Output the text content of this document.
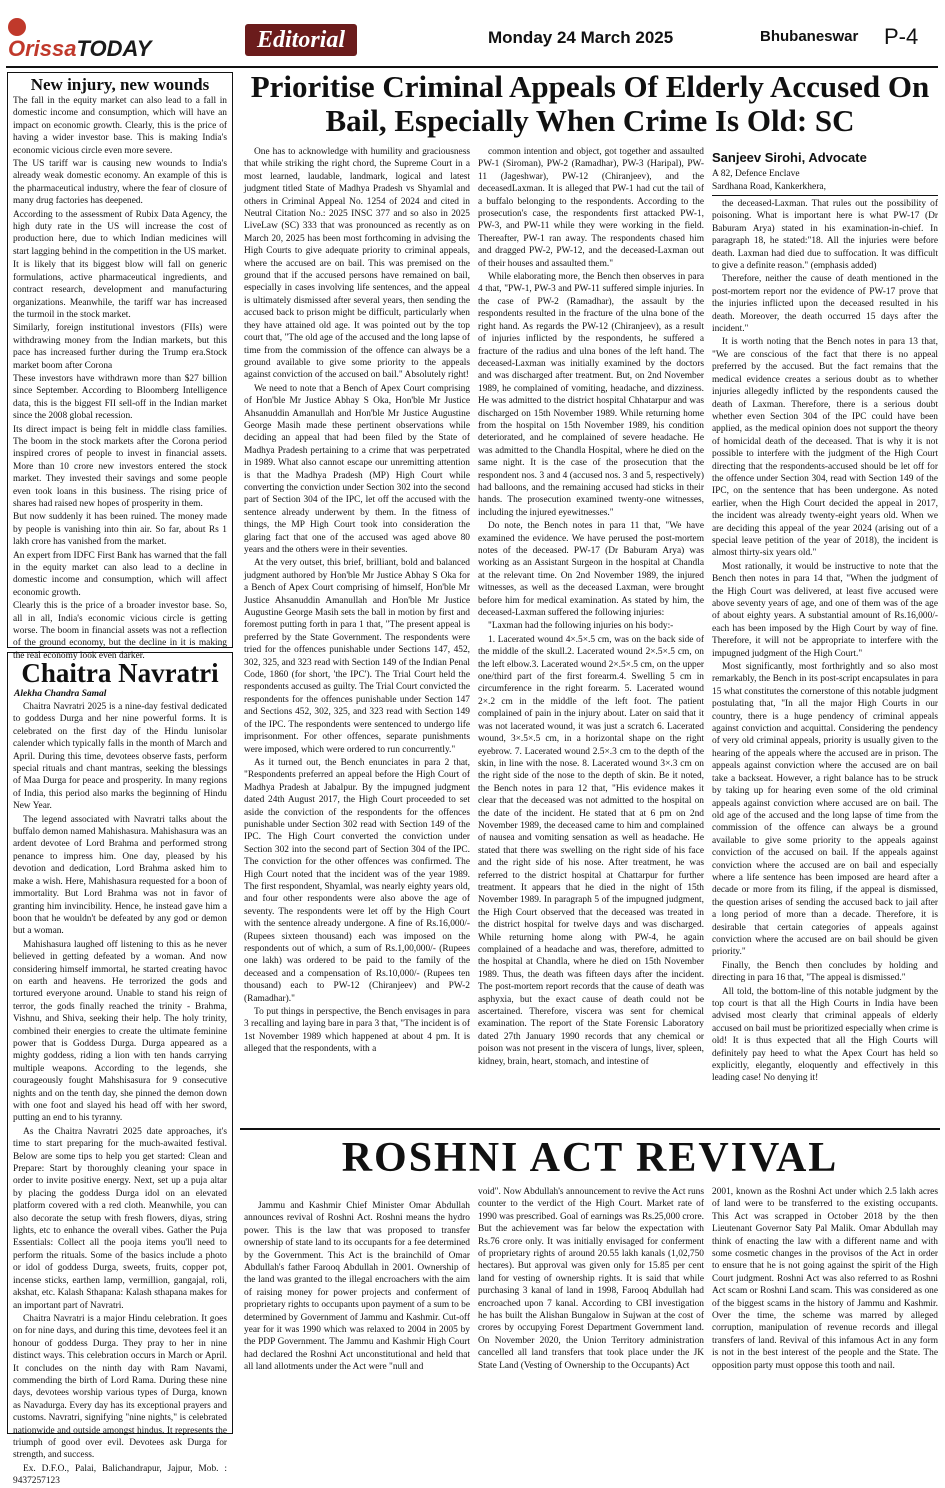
OrissaTODAY	Editorial	Monday 24 March 2025	Bhubaneswar P-4
New injury, new wounds

The fall in the equity market can also lead to a fall in domestic income and consumption, which will have an impact on economic growth. Clearly, this is the price of having a wider investor base. This is making India's economic vicious circle even more severe.

The US tariff war is causing new wounds to India's already weak domestic economy. An example of this is the pharmaceutical industry, where the fear of closure of many drug factories has deepened.

According to the assessment of Rubix Data Agency, the high duty rate in the US will increase the cost of production here, due to which Indian medicines will start lagging behind in the competition in the US market.

It is likely that its biggest blow will fall on generic formulations, active pharmaceutical ingredients, and contract research, development and manufacturing organizations. Meanwhile, the tariff war has increased the turmoil in the stock market.

Similarly, foreign institutional investors (FIIs) were withdrawing money from the Indian markets, but this pace has increased further during the Trump era.Stock market boom after Corona

These investors have withdrawn more than $27 billion since September. According to Bloomberg Intelligence data, this is the biggest FII sell-off in the Indian market since the 2008 global recession.

Its direct impact is being felt in middle class families. The boom in the stock markets after the Corona period inspired crores of people to invest in financial assets. More than 10 crore new investors entered the stock market. They invested their savings and some people even took loans in this business. The rising price of shares had raised new hopes of prosperity in them.

But now suddenly it has been ruined. The money made by people is vanishing into thin air. So far, about Rs 1 lakh crore has vanished from the market.

An expert from IDFC First Bank has warned that the fall in the equity market can also lead to a decline in domestic income and consumption, which will affect economic growth.

Clearly this is the price of a broader investor base. So, all in all, India's economic vicious circle is getting worse. The boom in financial assets was not a reflection of the ground economy, but the decline in it is making the real economy look even darker.

Chaitra Navratri
Alekha Chandra Samal

Chaitra Navratri 2025 is a nine-day festival dedicated to goddess Durga and her nine powerful forms. It is celebrated on the first day of the Hindu lunisolar calender which typically falls in the month of March and April. During this time, devotees observe fasts, perform special rituals and chant mantras, seeking the blessings of Maa Durga for peace and prosperity. In many regions of India, this period also marks the beginning of Hindu New Year.

The legend associated with Navratri talks about the buffalo demon named Mahishasura. Mahishasura was an ardent devotee of Lord Brahma and performed strong penance to impress him. One day, pleased by his devotion and dedication, Lord Brahma asked him to make a wish. Here, Mahishasura requested for a boon of immortality. But Lord Brahma was not in favor of granting him invincibility. Hence, he instead gave him a boon that he wouldn't be defeated by any god or demon but a woman.

Mahishasura laughed off listening to this as he never believed in getting defeated by a woman. And now considering himself immortal, he started creating havoc on earth and heavens. He terrorized the gods and tortured everyone around. Unable to stand his reign of terror, the gods finally reached the trinity - Brahma, Vishnu, and Shiva, seeking their help. The holy trinity, combined their energies to create the ultimate feminine power that is Goddess Durga. Durga appeared as a mighty goddess, riding a lion with ten hands carrying multiple weapons. According to the legends, she courageously fought Mahshisasura for 9 consecutive nights and on the tenth day, she pinned the demon down with one foot and slayed his head off with her sword, putting an end to his tyranny.

As the Chaitra Navratri 2025 date approaches, it's time to start preparing for the much-awaited festival. Below are some tips to help you get started: Clean and Prepare: Start by thoroughly cleaning your space in order to invite positive energy. Next, set up a puja altar by placing the goddess Durga idol on an elevated platform covered with a red cloth. Meanwhile, you can also decorate the setup with fresh flowers, diyas, string lights, etc to enhance the overall vibes. Gather the Puja Essentials: Collect all the pooja items you'll need to perform the rituals. Some of the basics include a photo or idol of goddess Durga, sweets, fruits, copper pot, incense sticks, earthen lamp, vermillion, gangajal, roli, akshat, etc. Kalash Sthapana: Kalash sthapana makes for an important part of Navratri.

Chaitra Navratri is a major Hindu celebration. It goes on for nine days, and during this time, devotees feel it an honour of goddess Durga. They pray to her in nine distinct ways. This celebration occurs in March or April. It concludes on the ninth day with Ram Navami, commending the birth of Lord Rama. During these nine days, devotees worship various types of Durga, known as Navadurga. Every day has its exceptional prayers and customs. Navratri, signifying "nine nights," is celebrated nationwide and outside amongst hindus. It represents the triumph of good over evil. Devotees ask Durga for strength, and success.

Ex. D.F.O., Palai, Balichandrapur, Jajpur, Mob. : 9437257123

Prioritise Criminal Appeals Of Elderly Accused On
Bail, Especially When Crime Is Old: SC

One has to acknowledge with humility and graciousness that while striking the right chord, the Supreme Court in a most learned, laudable, landmark, logical and latest judgment titled State of Madhya Pradesh vs Shyamlal and others in Criminal Appeal No. 1254 of 2024 and cited in Neutral Citation No.: 2025 INSC 377 and so also in 2025 LiveLaw (SC) 333 that was pronounced as recently as on March 20, 2025 has been most forthcoming in advising the High Courts to give adequate priority to criminal appeals, where the accused are on bail. This was premised on the ground that if the accused persons have remained on bail, especially in cases involving life sentences, and the appeal is ultimately dismissed after several years, then sending the accused back to prison might be difficult, particularly when they have attained old age. It was pointed out by the top court that, "The old age of the accused and the long lapse of time from the commission of the offence can always be a ground available to give some priority to the appeals against conviction of the accused on bail." Absolutely right!

We need to note that a Bench of Apex Court comprising of Hon'ble Mr Justice Abhay S Oka, Hon'ble Mr Justice Ahsanuddin Amanullah and Hon'ble Mr Justice Augustine George Masih made these pertinent observations while deciding an appeal that had been filed by the State of Madhya Pradesh pertaining to a crime that was perpetrated in 1989. What also cannot escape our unremitting attention is that the Madhya Pradesh (MP) High Court while converting the conviction under Section 302 into the second part of Section 304 of the IPC, let off the accused with the sentence already underwent by them. In the fitness of things, the MP High Court took into consideration the glaring fact that one of the accused was aged above 80 years and the others were in their seventies.

At the very outset, this brief, brilliant, bold and balanced judgment authored by Hon'ble Mr Justice Abhay S Oka for a Bench of Apex Court comprising of himself, Hon'ble Mr Justice Ahsanuddin Amanullah and Hon'ble Mr Justice Augustine George Masih sets the ball in motion by first and foremost putting forth in para 1 that, "The present appeal is preferred by the State Government. The respondents were tried for the offences punishable under Sections 147, 452, 302, 325, and 323 read with Section 149 of the Indian Penal Code, 1860 (for short, 'the IPC'). The Trial Court held the respondents accused as guilty. The Trial Court convicted the respondents for the offences punishable under Section 147 and Sections 452, 302, 325, and 323 read with Section 149 of the IPC. The respondents were sentenced to undergo life imprisonment. For other offences, separate punishments were imposed, which were ordered to run concurrently."

As it turned out, the Bench enunciates in para 2 that, "Respondents preferred an appeal before the High Court of Madhya Pradesh at Jabalpur. By the impugned judgment dated 24th August 2017, the High Court proceeded to set aside the conviction of the respondents for the offences punishable under Section 302 read with Section 149 of the IPC. The High Court converted the conviction under Section 302 into the second part of Section 304 of the IPC. The conviction for the other offences was confirmed. The High Court noted that the incident was of the year 1989. The first respondent, Shyamlal, was nearly eighty years old, and four other respondents were also above the age of seventy. The respondents were let off by the High Court with the sentence already undergone. A fine of Rs.16,000/- (Rupees sixteen thousand) each was imposed on the respondents out of which, a sum of Rs.1,00,000/- (Rupees one lakh) was ordered to be paid to the family of the deceased and a compensation of Rs.10,000/- (Rupees ten thousand) each to PW-12 (Chiranjeev) and PW-2 (Ramadhar)."

To put things in perspective, the Bench envisages in para 3 recalling and laying bare in para 3 that, "The incident is of 1st November 1989 which happened at about 4 pm. It is alleged that the respondents, with a

common intention and object, got together and assaulted PW-1 (Siroman), PW-2 (Ramadhar), PW-3 (Haripal), PW-11 (Jageshwar), PW-12 (Chiranjeev), and the deceasedLaxman. It is alleged that PW-1 had cut the tail of a buffalo belonging to the respondents. According to the prosecution's case, the respondents first attacked PW-1, PW-3, and PW-11 while they were working in the field. Thereafter, PW-1 ran away. The respondents chased him and dragged PW-2, PW-12, and the deceased-Laxman out of their houses and assaulted them."

While elaborating more, the Bench then observes in para 4 that, "PW-1, PW-3 and PW-11 suffered simple injuries. In the case of PW-2 (Ramadhar), the assault by the respondents resulted in the fracture of the ulna bone of the right hand. As regards the PW-12 (Chiranjeev), as a result of injuries inflicted by the respondents, he suffered a fracture of the radius and ulna bones of the left hand. The deceased-Laxman was initially examined by the doctors and was discharged after treatment. But, on 2nd November 1989, he complained of vomiting, headache, and dizziness. He was admitted to the district hospital Chhatarpur and was discharged on 15th November 1989. While returning home from the hospital on 15th November 1989, his condition deteriorated, and he complained of severe headache. He was admitted to the Chandla Hospital, where he died on the same night. It is the case of the prosecution that the respondent nos. 3 and 4 (accused nos. 3 and 5, respectively) had balloons, and the remaining accused had sticks in their hands. The prosecution examined twenty-one witnesses, including the injured eyewitnesses."

Do note, the Bench notes in para 11 that, "We have examined the evidence. We have perused the post-mortem notes of the deceased. PW-17 (Dr Baburam Arya) was working as an Assistant Surgeon in the hospital at Chandla at the relevant time. On 2nd November 1989, the injured witnesses, as well as the deceased Laxman, were brought before him for medical examination. As stated by him, the deceased-Laxman suffered the following injuries:

"Laxman had the following injuries on his body:-

1. Lacerated wound 4×.5×.5 cm, was on the back side of the middle of the skull.2. Lacerated wound 2×.5×.5 cm, on the left elbow.3. Lacerated wound 2×.5×.5 cm, on the upper one/third part of the first forearm.4. Swelling 5 cm in circumference in the right forearm. 5. Lacerated wound 2×.2 cm in the middle of the left foot. The patient complained of pain in the injury about. Later on said that it was not lacerated wound, it was just a scratch 6. Lacerated wound, 3×.5×.5 cm, in a horizontal shape on the right eyebrow. 7. Lacerated wound 2.5×.3 cm to the depth of the skin, in line with the nose. 8. Lacerated wound 3×.3 cm on the right side of the nose to the depth of skin. Be it noted, the Bench notes in para 12 that, "His evidence makes it clear that the deceased was not admitted to the hospital on the date of the incident. He stated that at 6 pm on 2nd November 1989, the deceased came to him and complained of nausea and vomiting sensation as well as headache. He stated that there was swelling on the right side of his face and the right side of his nose. After treatment, he was referred to the district hospital at Chattarpur for further treatment. It appears that he died in the night of 15th November 1989. In paragraph 5 of the impugned judgment, the High Court observed that the deceased was treated in the district hospital for twelve days and was discharged. While returning home along with PW-4, he again complained of a headache and was, therefore, admitted to the hospital at Chandla, where he died on 15th November 1989. Thus, the death was fifteen days after the incident. The post-mortem report records that the cause of death was asphyxia, but the exact cause of death could not be ascertained. Therefore, viscera was sent for chemical examination. The report of the State Forensic Laboratory dated 27th January 1990 records that any chemical or poison was not present in the viscera of lungs, liver, spleen, kidney, brain, heart, stomach, and intestine of

Sanjeev Sirohi, Advocate
A 82, Defence Enclave
Sardhana Road, Kankerkhera,

the deceased-Laxman. That rules out the possibility of poisoning. What is important here is what PW-17 (Dr Baburam Arya) stated in his examination-in-chief. In paragraph 18, he stated:"18. All the injuries were before death. Laxman had died due to suffocation. It was difficult to give a definite reason." (emphasis added)

Therefore, neither the cause of death mentioned in the post-mortem report nor the evidence of PW-17 prove that the injuries inflicted upon the deceased resulted in his death. Moreover, the death occurred 15 days after the incident."

It is worth noting that the Bench notes in para 13 that, "We are conscious of the fact that there is no appeal preferred by the accused. But the fact remains that the medical evidence creates a serious doubt as to whether injuries allegedly inflicted by the respondents caused the death of Laxman. Therefore, there is a serious doubt whether even Section 304 of the IPC could have been applied, as the medical opinion does not support the theory of homicidal death of the deceased. That is why it is not possible to interfere with the judgment of the High Court directing that the respondents-accused should be let off for the offence under Section 304, read with Section 149 of the IPC, on the sentence that has been undergone. As noted earlier, when the High Court decided the appeal in 2017, the incident was already twenty-eight years old. When we are deciding this appeal of the year 2024 (arising out of a special leave petition of the year of 2018), the incident is almost thirty-six years old."

Most rationally, it would be instructive to note that the Bench then notes in para 14 that, "When the judgment of the High Court was delivered, at least five accused were above seventy years of age, and one of them was of the age of about eighty years. A substantial amount of Rs.16,000/- each has been imposed by the High Court by way of fine. Therefore, it will not be appropriate to interfere with the impugned judgment of the High Court."

Most significantly, most forthrightly and so also most remarkably, the Bench in its post-script encapsulates in para 15 what constitutes the cornerstone of this notable judgment postulating that, "In all the major High Courts in our country, there is a huge pendency of criminal appeals against conviction and acquittal. Considering the pendency of very old criminal appeals, priority is usually given to the hearing of the appeals where the accused are in prison. The appeals against conviction where the accused are on bail take a backseat. However, a right balance has to be struck by taking up for hearing even some of the old criminal appeals against conviction where accused are on bail. The old age of the accused and the long lapse of time from the commission of the offence can always be a ground available to give some priority to the appeals against conviction of the accused on bail. If the appeals against conviction where the accused are on bail and especially where a life sentence has been imposed are heard after a decade or more from its filing, if the appeal is dismissed, the question arises of sending the accused back to jail after a long period of more than a decade. Therefore, it is desirable that certain categories of appeals against conviction where the accused are on bail should be given priority."

Finally, the Bench then concludes by holding and directing in para 16 that, "The appeal is dismissed."

All told, the bottom-line of this notable judgment by the top court is that all the High Courts in India have been advised most clearly that criminal appeals of elderly accused on bail must be prioritized especially when crime is old! It is thus expected that all the High Courts will definitely pay heed to what the Apex Court has held so explicitly, elegantly, eloquently and effectively in this leading case! No denying it!

ROSHNI ACT REVIVAL
Jammu and Kashmir Chief Minister Omar Abdullah announces revival of Roshni Act. Roshni means the hydro power. This is the law that was proposed to transfer ownership of state land to its occupants for a fee determined by the Government. This Act is the brainchild of Omar Abdullah's father Farooq Abdullah in 2001. Ownership of the land was granted to the illegal encroachers with the aim of raising money for power projects and conferment of proprietary rights to occupants upon payment of a sum to be determined by Government of Jammu and Kashmir. Cut-off year for it was 1990 which was relaxed to 2004 in 2005 by the PDP Government. The Jammu and Kashmir High Court had declared the Roshni Act unconstitutional and held that all land allotments under the Act were "null and
void". Now Abdullah's announcement to revive the Act runs counter to the verdict of the High Court. Market rate of 1990 was prescribed. Goal of earnings was Rs.25,000 crore. But the achievement was far below the expectation with Rs.76 crore only. It was initially envisaged for conferment of proprietary rights of around 20.55 lakh kanals (1,02,750 hectares). But approval was given only for 15.85 per cent land for vesting of ownership rights. It is said that while purchasing 3 kanal of land in 1998, Farooq Abdullah had encroached upon 7 kanal. According to CBI investigation he has built the Alishan Bungalow in Sujwan at the cost of crores by occupying Forest Department Government land. On November 2020, the Union Territory administration cancelled all land transfers that took place under the JK State Land (Vesting of Ownership to the Occupants) Act
2001, known as the Roshni Act under which 2.5 lakh acres of land were to be transferred to the existing occupants. This Act was scrapped in October 2018 by the then Lieutenant Governor Saty Pal Malik. Omar Abdullah may think of enacting the law with a different name and with some cosmetic changes in the provisos of the Act in order to ensure that he is not going against the spirit of the High Court judgment. Roshni Act was also referred to as Roshni Act scam or Roshni Land scam. This was considered as one of the biggest scams in the history of Jammu and Kashmir. Over the time, the scheme was marred by alleged corruption, manipulation of revenue records and illegal transfers of land. Revival of this infamous Act in any form is not in the best interest of the people and the State. The opposition party must oppose this tooth and nail.
